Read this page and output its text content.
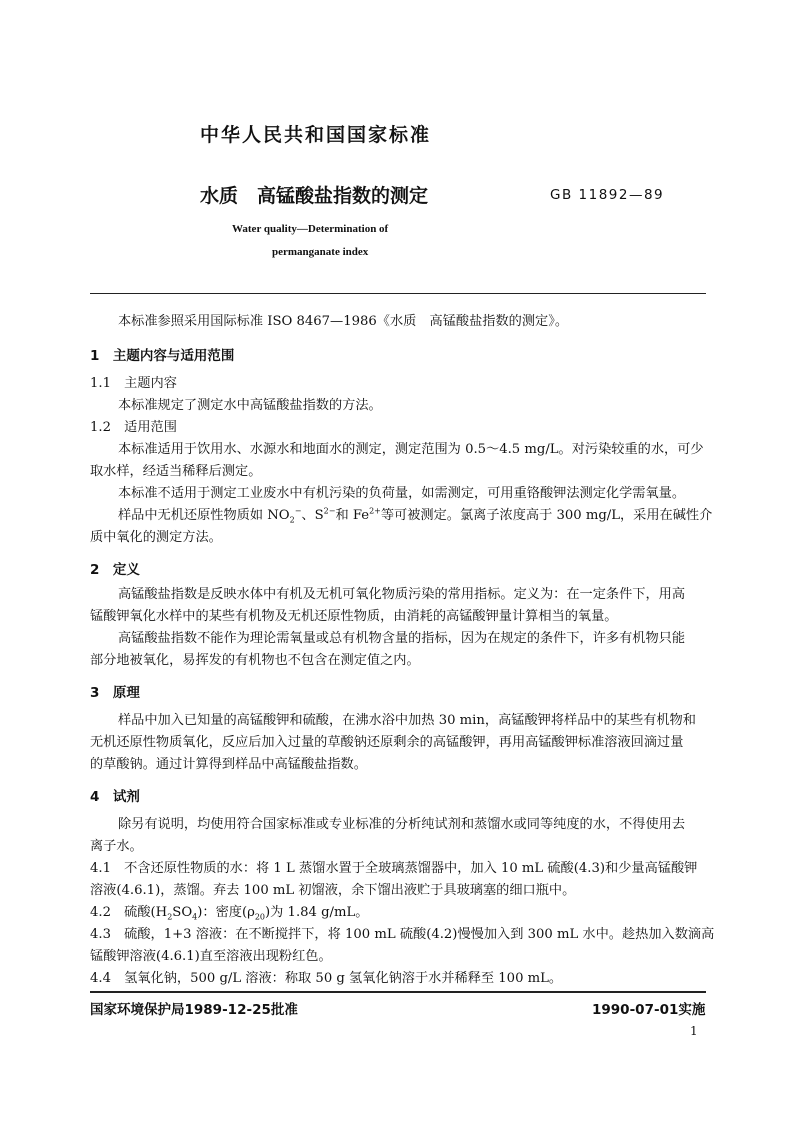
中华人民共和国国家标准
水质　高锰酸盐指数的测定	GB 11892—89
Water quality—Determination of
permanganate index
本标准参照采用国际标准 ISO 8467—1986《水质　高锰酸盐指数的测定》。
1　主题内容与适用范围
1.1　主题内容
本标准规定了测定水中高锰酸盐指数的方法。
1.2　适用范围
本标准适用于饮用水、水源水和地面水的测定，测定范围为 0.5～4.5 mg/L。对污染较重的水，可少
取水样，经适当稀释后测定。
本标准不适用于测定工业废水中有机污染的负荷量，如需测定，可用重铬酸钾法测定化学需氧量。
样品中无机还原性物质如 $NO_2^-$、$S^{2-}$和 $Fe^{2+}$等可被测定。氯离子浓度高于 300 mg/L，采用在碱性介
质中氧化的测定方法。
2　定义
高锰酸盐指数是反映水体中有机及无机可氧化物质污染的常用指标。定义为：在一定条件下，用高
锰酸钾氧化水样中的某些有机物及无机还原性物质，由消耗的高锰酸钾量计算相当的氧量。
高锰酸盐指数不能作为理论需氧量或总有机物含量的指标，因为在规定的条件下，许多有机物只能
部分地被氧化，易挥发的有机物也不包含在测定值之内。
3　原理
样品中加入已知量的高锰酸钾和硫酸，在沸水浴中加热 30 min，高锰酸钾将样品中的某些有机物和
无机还原性物质氧化，反应后加入过量的草酸钠还原剩余的高锰酸钾，再用高锰酸钾标准溶液回滴过量
的草酸钠。通过计算得到样品中高锰酸盐指数。
4　试剂
除另有说明，均使用符合国家标准或专业标准的分析纯试剂和蒸馏水或同等纯度的水，不得使用去
离子水。
4.1　不含还原性物质的水：将 1 L 蒸馏水置于全玻璃蒸馏器中，加入 10 mL 硫酸(4.3)和少量高锰酸钾
溶液(4.6.1)，蒸馏。弃去 100 mL 初馏液，余下馏出液贮于具玻璃塞的细口瓶中。
4.2　硫酸$(H_2SO_4)$：密度$(\rho_{20})$为 1.84 g/mL。
4.3　硫酸，1+3 溶液：在不断搅拌下，将 100 mL 硫酸(4.2)慢慢加入到 300 mL 水中。趁热加入数滴高
锰酸钾溶液(4.6.1)直至溶液出现粉红色。
4.4　氢氧化钠，500 g/L 溶液：称取 50 g 氢氧化钠溶于水并稀释至 100 mL。
国家环境保护局1989-12-25批准	1990-07-01实施
1
